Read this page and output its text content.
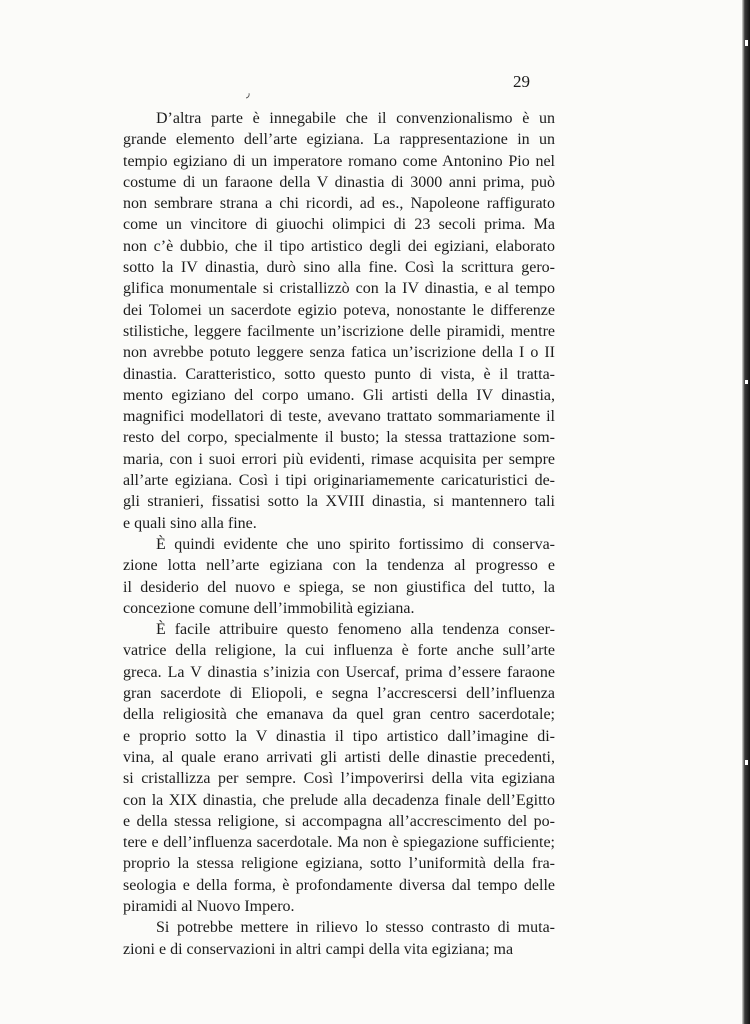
29
D’altra parte è innegabile che il convenzionalismo è un
grande elemento dell’arte egiziana. La rappresentazione in un
tempio egiziano di un imperatore romano come Antonino Pio nel
costume di un faraone della V dinastia di 3000 anni prima, può
non sembrare strana a chi ricordi, ad es., Napoleone raffigurato
come un vincitore di giuochi olimpici di 23 secoli prima. Ma
non c’è dubbio, che il tipo artistico degli dei egiziani, elaborato
sotto la IV dinastia, durò sino alla fine. Così la scrittura gero-
glifica monumentale si cristallizzò con la IV dinastia, e al tempo
dei Tolomei un sacerdote egizio poteva, nonostante le differenze
stilistiche, leggere facilmente un’iscrizione delle piramidi, mentre
non avrebbe potuto leggere senza fatica un’iscrizione della I o II
dinastia. Caratteristico, sotto questo punto di vista, è il tratta-
mento egiziano del corpo umano. Gli artisti della IV dinastia,
magnifici modellatori di teste, avevano trattato sommariamente il
resto del corpo, specialmente il busto; la stessa trattazione som-
maria, con i suoi errori più evidenti, rimase acquisita per sempre
all’arte egiziana. Così i tipi originariamemente caricaturistici de-
gli stranieri, fissatisi sotto la XVIII dinastia, si mantennero tali
e quali sino alla fine.
È quindi evidente che uno spirito fortissimo di conserva-
zione lotta nell’arte egiziana con la tendenza al progresso e
il desiderio del nuovo e spiega, se non giustifica del tutto, la
concezione comune dell’immobilità egiziana.
È facile attribuire questo fenomeno alla tendenza conser-
vatrice della religione, la cui influenza è forte anche sull’arte
greca. La V dinastia s’inizia con Usercaf, prima d’essere faraone
gran sacerdote di Eliopoli, e segna l’accrescersi dell’influenza
della religiosità che emanava da quel gran centro sacerdotale;
e proprio sotto la V dinastia il tipo artistico dall’imagine di-
vina, al quale erano arrivati gli artisti delle dinastie precedenti,
si cristallizza per sempre. Così l’impoverirsi della vita egiziana
con la XIX dinastia, che prelude alla decadenza finale dell’Egitto
e della stessa religione, si accompagna all’accrescimento del po-
tere e dell’influenza sacerdotale. Ma non è spiegazione sufficiente;
proprio la stessa religione egiziana, sotto l’uniformità della fra-
seologia e della forma, è profondamente diversa dal tempo delle
piramidi al Nuovo Impero.
Si potrebbe mettere in rilievo lo stesso contrasto di muta-
zioni e di conservazioni in altri campi della vita egiziana; ma
٫
